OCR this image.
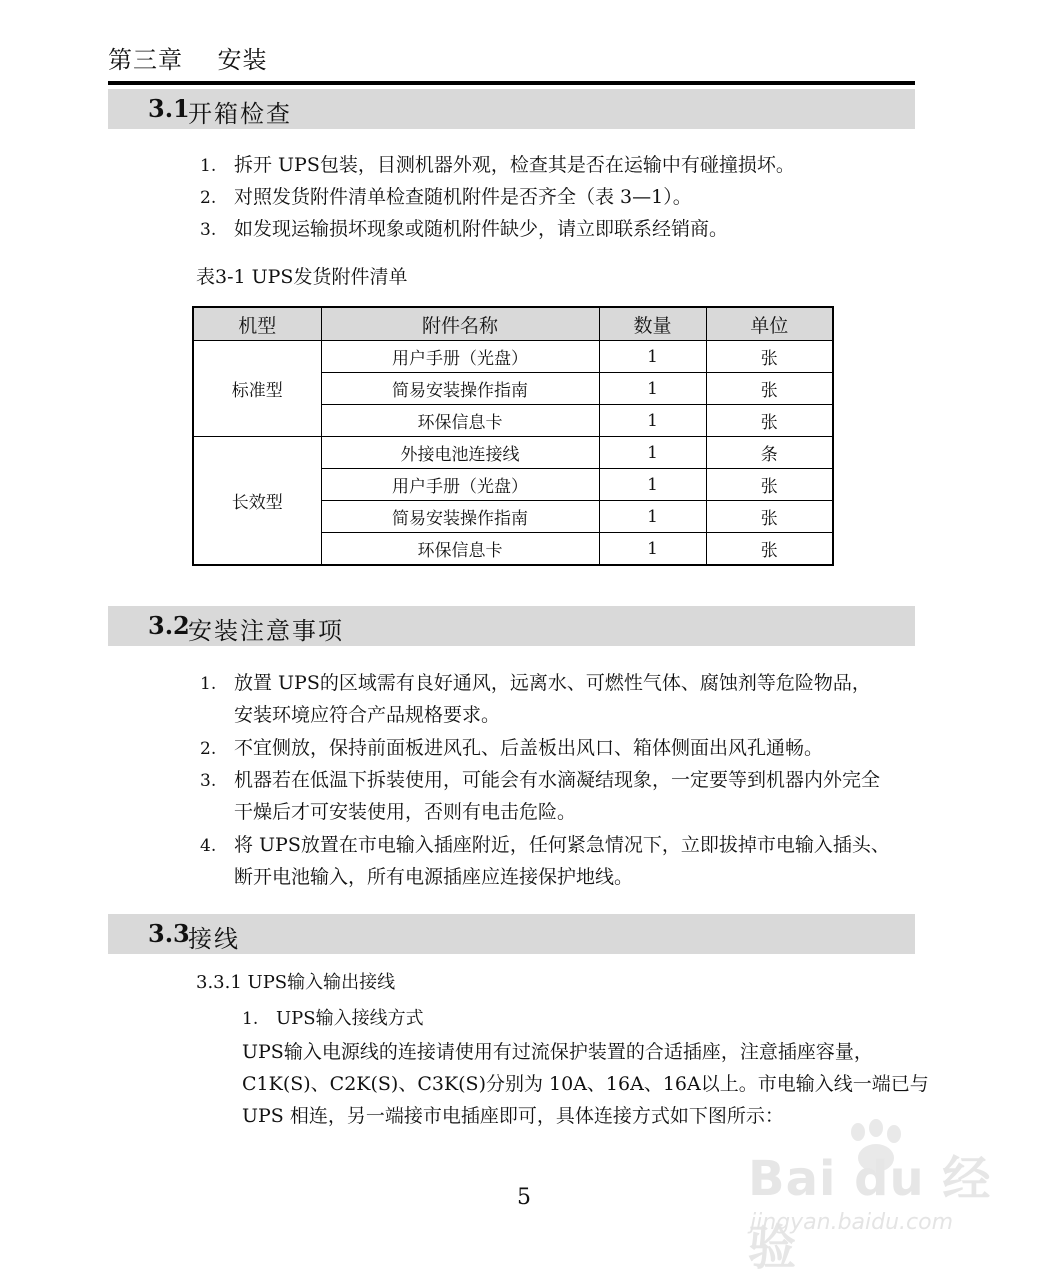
第三章    安装
3.1
开箱检查
1. 拆开 UPS包装，目测机器外观，检查其是否在运输中有碰撞损坏。
2. 对照发货附件清单检查随机附件是否齐全（表 3—1）。
3. 如发现运输损坏现象或随机附件缺少，请立即联系经销商。
表3-1 UPS发货附件清单
机型	附件名称	数量	单位
标准型	用户手册（光盘）	1	张
	简易安装操作指南	1	张
	环保信息卡	1	张
长效型	外接电池连接线	1	条
	用户手册（光盘）	1	张
	简易安装操作指南	1	张
	环保信息卡	1	张
3.2
安装注意事项
1. 放置 UPS的区域需有良好通风，远离水、可燃性气体、腐蚀剂等危险物品，
安装环境应符合产品规格要求。
2. 不宜侧放，保持前面板进风孔、后盖板出风口、箱体侧面出风孔通畅。
3. 机器若在低温下拆装使用，可能会有水滴凝结现象，一定要等到机器内外完全
干燥后才可安装使用，否则有电击危险。
4. 将 UPS放置在市电输入插座附近，任何紧急情况下，立即拔掉市电输入插头、
断开电池输入，所有电源插座应连接保护地线。
3.3
接线
3.3.1 UPS输入输出接线
1. UPS输入接线方式
UPS输入电源线的连接请使用有过流保护装置的合适插座，注意插座容量，
C1K(S)、C2K(S)、C3K(S)分别为 10A、16A、16A以上。市电输入线一端已与
UPS 相连，另一端接市电插座即可，具体连接方式如下图所示：
Bai du 经验
jingyan.baidu.com
5
